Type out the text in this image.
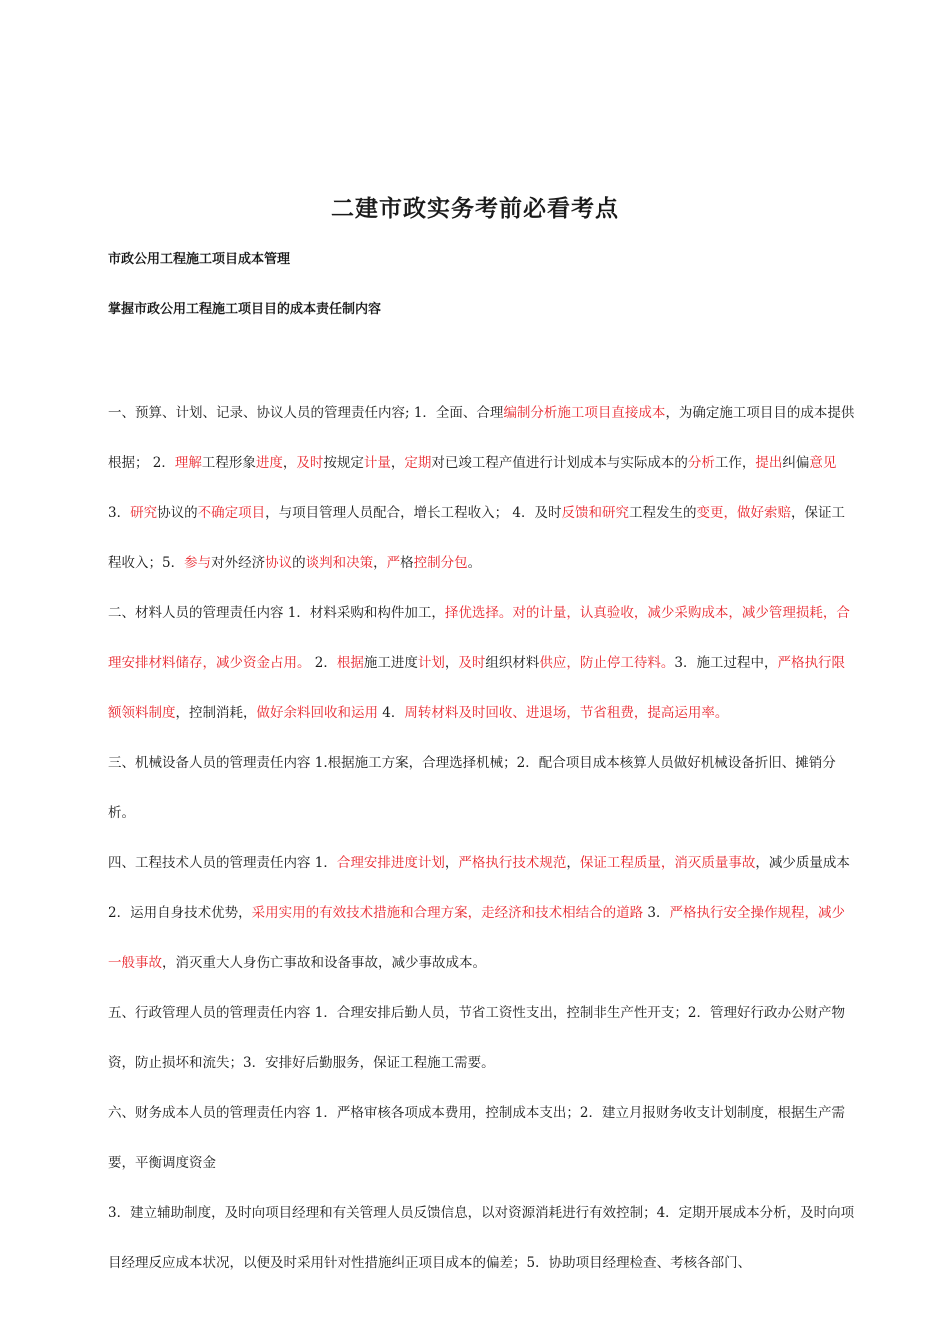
二建市政实务考前必看考点
市政公用工程施工项目成本管理
掌握市政公用工程施工项目目的成本责任制内容

一、预算、计划、记录、协议人员的管理责任内容; 1．全面、合理编制分析施工项目直接成本，为确定施工项目目的成本提供根据； 2．理解工程形象进度，及时按规定计量，定期对已竣工程产值进行计划成本与实际成本的分析工作，提出纠偏意见 3．研究协议的不确定项目，与项目管理人员配合，增长工程收入； 4．及时反馈和研究工程发生的变更，做好索赔，保证工程收入；5．参与对外经济协议的谈判和决策，严格控制分包。

二、材料人员的管理责任内容 1．材料采购和构件加工，择优选择。对的计量，认真验收，减少采购成本，减少管理损耗，合理安排材料储存，减少资金占用。 2．根据施工进度计划，及时组织材料供应，防止停工待料。3．施工过程中，严格执行限额领料制度，控制消耗，做好余料回收和运用 4．周转材料及时回收、进退场，节省租费，提高运用率。

三、机械设备人员的管理责任内容 1.根据施工方案，合理选择机械；2．配合项目成本核算人员做好机械设备折旧、摊销分析。

四、工程技术人员的管理责任内容 1．合理安排进度计划，严格执行技术规范，保证工程质量，消灭质量事故，减少质量成本 2．运用自身技术优势，采用实用的有效技术措施和合理方案，走经济和技术相结合的道路 3．严格执行安全操作规程，减少一般事故，消灭重大人身伤亡事故和设备事故，减少事故成本。

五、行政管理人员的管理责任内容 1．合理安排后勤人员，节省工资性支出，控制非生产性开支；2．管理好行政办公财产物资，防止损坏和流失；3．安排好后勤服务，保证工程施工需要。

六、财务成本人员的管理责任内容 1．严格审核各项成本费用，控制成本支出；2．建立月报财务收支计划制度，根据生产需要，平衡调度资金

3．建立辅助制度，及时向项目经理和有关管理人员反馈信息，以对资源消耗进行有效控制；4．定期开展成本分析，及时向项目经理反应成本状况，以便及时采用针对性措施纠正项目成本的偏差；5．协助项目经理检查、考核各部门、
